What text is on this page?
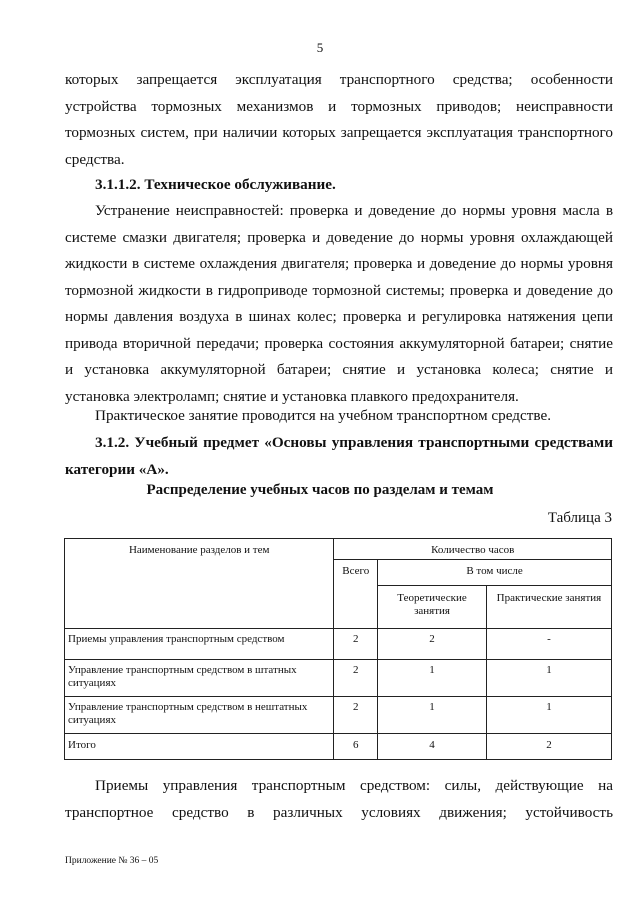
5

которых запрещается эксплуатация транспортного средства; особенности устройства тормозных механизмов и тормозных приводов; неисправности тормозных систем, при наличии которых запрещается эксплуатация транспортного средства.

3.1.1.2. Техническое обслуживание.

Устранение неисправностей: проверка и доведение до нормы уровня масла в системе смазки двигателя; проверка и доведение до нормы уровня охлаждающей жидкости в системе охлаждения двигателя; проверка и доведение до нормы уровня тормозной жидкости в гидроприводе тормозной системы; проверка и доведение до нормы давления воздуха в шинах колес; проверка и регулировка натяжения цепи привода вторичной передачи; проверка состояния аккумуляторной батареи; снятие и установка аккумуляторной батареи; снятие и установка колеса; снятие и установка электроламп; снятие и установка плавкого предохранителя.

Практическое занятие проводится на учебном транспортном средстве.

3.1.2. Учебный предмет «Основы управления транспортными средствами категории «А».

Распределение учебных часов по разделам и темам
Таблица 3
Наименование разделов и тем	Количество часов		
	Всего	В том числе	
		Теоретические занятия	Практические занятия
Приемы управления транспортным средством	2	2	-
Управление транспортным средством в штатных ситуациях	2	1	1
Управление транспортным средством в нештатных ситуациях	2	1	1
Итого	6	4	2

Приемы управления транспортным средством: силы, действующие на транспортное средство в различных условиях движения; устойчивость

Приложение № 36 – 05
